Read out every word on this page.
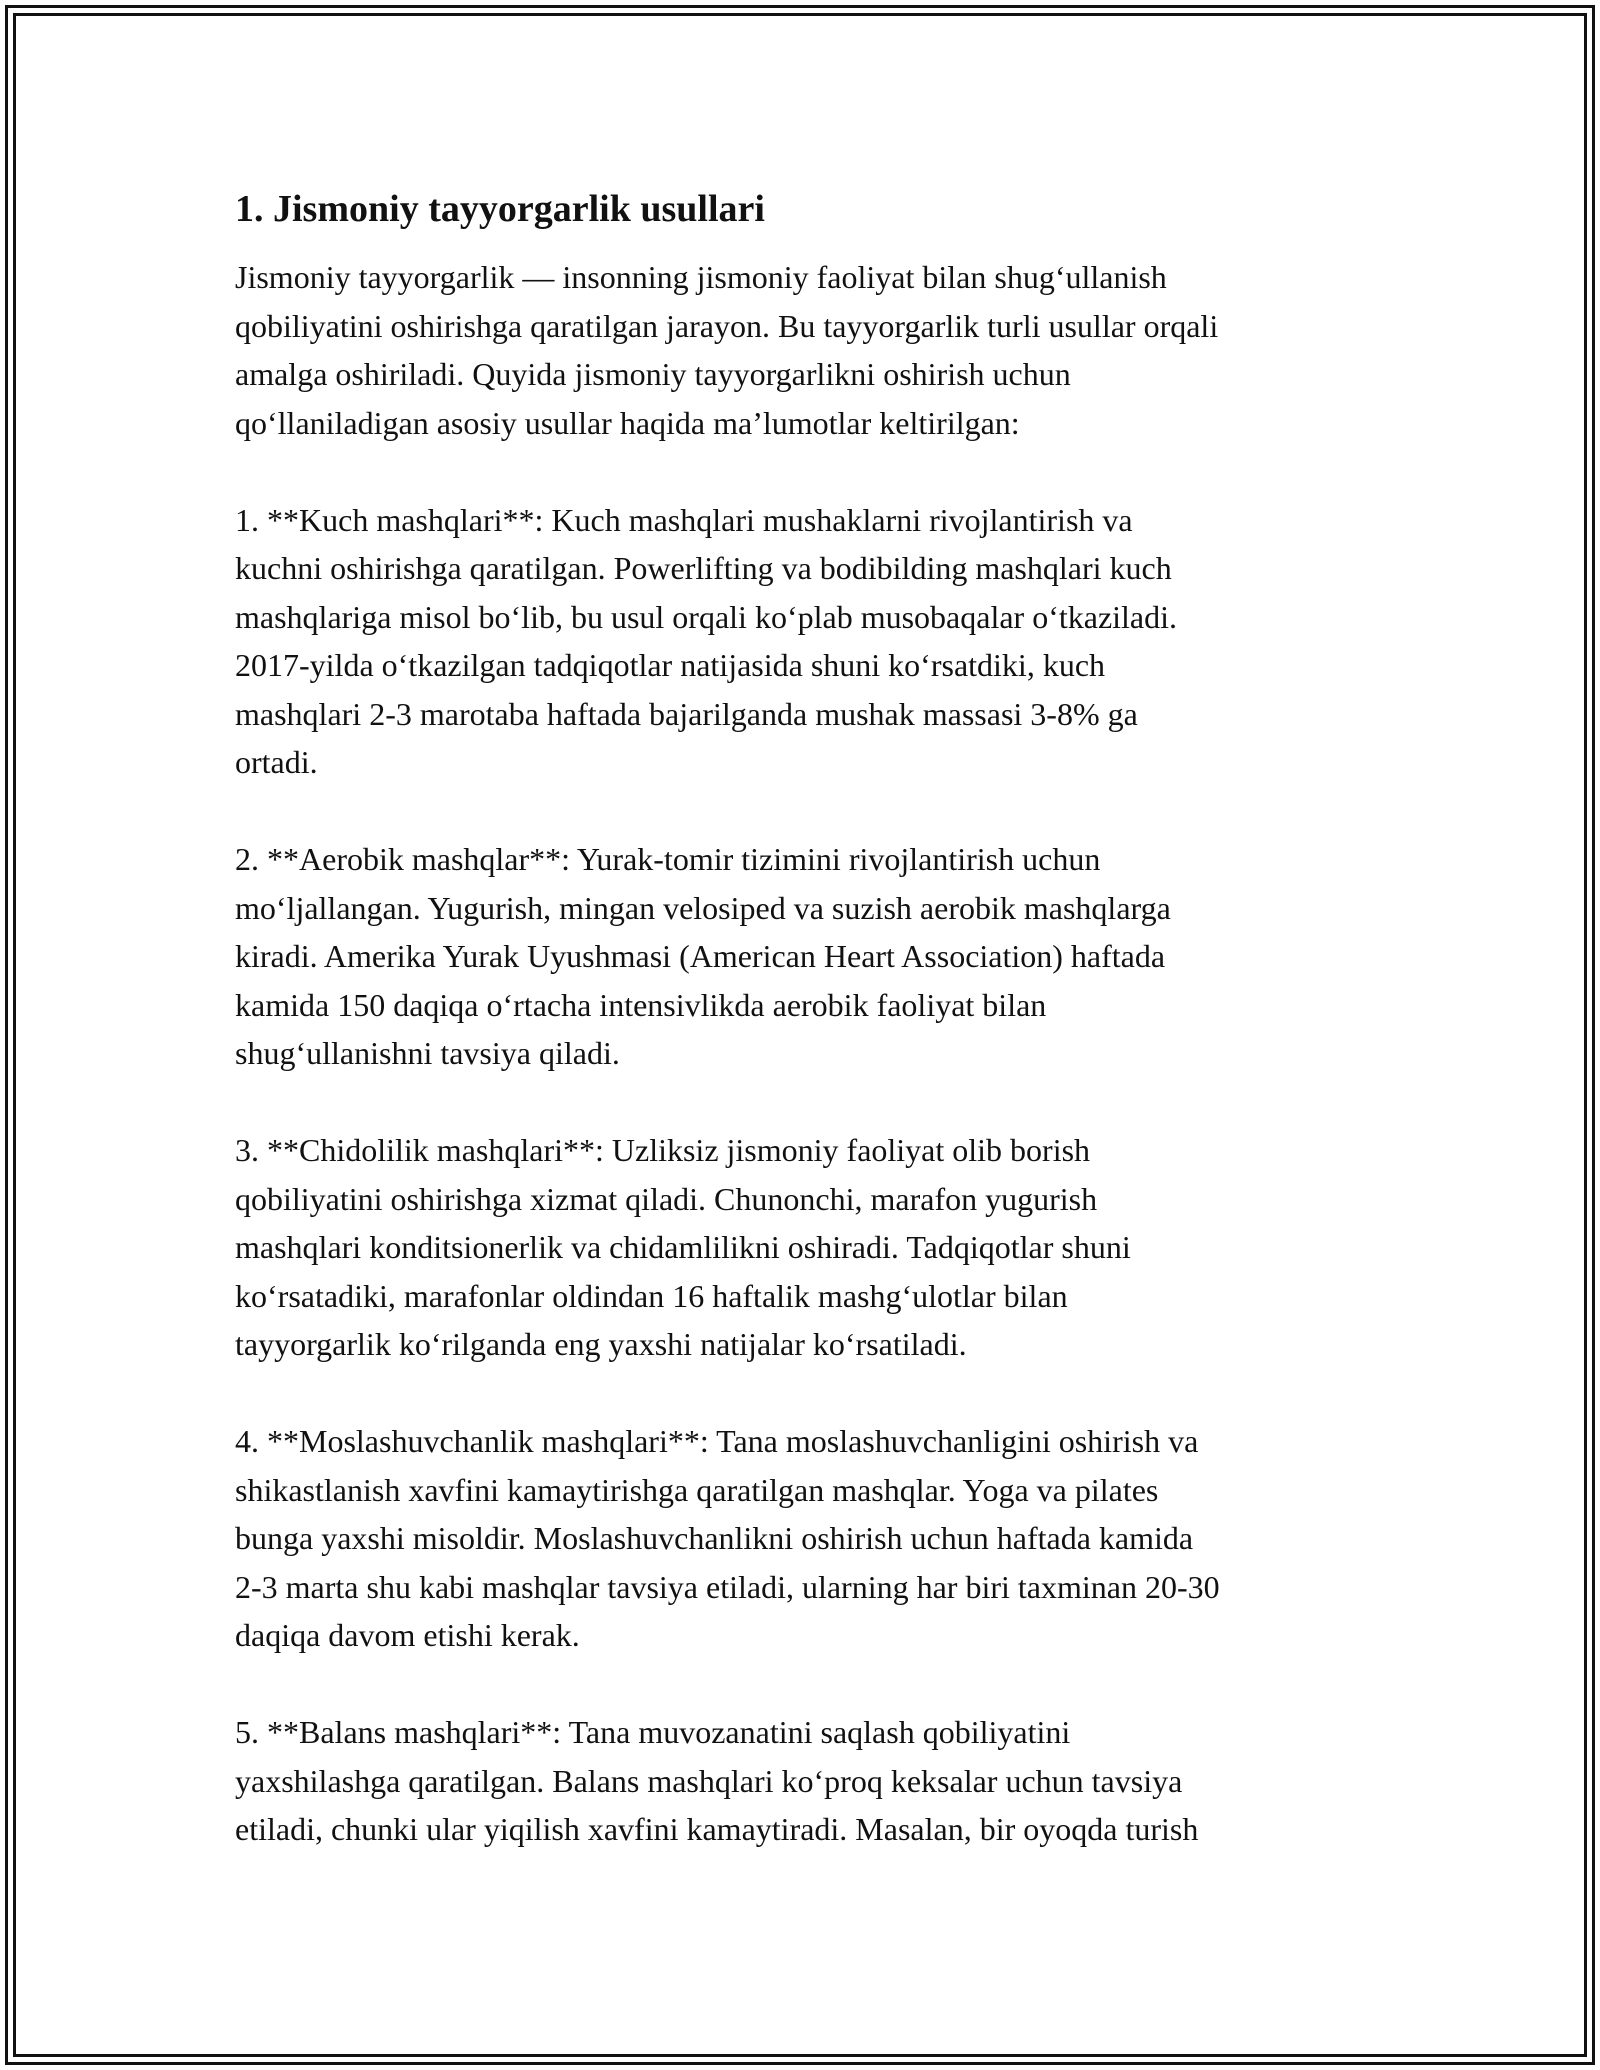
1. Jismoniy tayyorgarlik usullari
Jismoniy tayyorgarlik — insonning jismoniy faoliyat bilan shug‘ullanish
qobiliyatini oshirishga qaratilgan jarayon. Bu tayyorgarlik turli usullar orqali
amalga oshiriladi. Quyida jismoniy tayyorgarlikni oshirish uchun
qo‘llaniladigan asosiy usullar haqida ma’lumotlar keltirilgan:
1. **Kuch mashqlari**: Kuch mashqlari mushaklarni rivojlantirish va
kuchni oshirishga qaratilgan. Powerlifting va bodibilding mashqlari kuch
mashqlariga misol bo‘lib, bu usul orqali ko‘plab musobaqalar o‘tkaziladi.
2017-yilda o‘tkazilgan tadqiqotlar natijasida shuni ko‘rsatdiki, kuch
mashqlari 2-3 marotaba haftada bajarilganda mushak massasi 3-8% ga
ortadi.
2. **Aerobik mashqlar**: Yurak-tomir tizimini rivojlantirish uchun
mo‘ljallangan. Yugurish, mingan velosiped va suzish aerobik mashqlarga
kiradi. Amerika Yurak Uyushmasi (American Heart Association) haftada
kamida 150 daqiqa o‘rtacha intensivlikda aerobik faoliyat bilan
shug‘ullanishni tavsiya qiladi.
3. **Chidolilik mashqlari**: Uzliksiz jismoniy faoliyat olib borish
qobiliyatini oshirishga xizmat qiladi. Chunonchi, marafon yugurish
mashqlari konditsionerlik va chidamlilikni oshiradi. Tadqiqotlar shuni
ko‘rsatadiki, marafonlar oldindan 16 haftalik mashg‘ulotlar bilan
tayyorgarlik ko‘rilganda eng yaxshi natijalar ko‘rsatiladi.
4. **Moslashuvchanlik mashqlari**: Tana moslashuvchanligini oshirish va
shikastlanish xavfini kamaytirishga qaratilgan mashqlar. Yoga va pilates
bunga yaxshi misoldir. Moslashuvchanlikni oshirish uchun haftada kamida
2-3 marta shu kabi mashqlar tavsiya etiladi, ularning har biri taxminan 20-30
daqiqa davom etishi kerak.
5. **Balans mashqlari**: Tana muvozanatini saqlash qobiliyatini
yaxshilashga qaratilgan. Balans mashqlari ko‘proq keksalar uchun tavsiya
etiladi, chunki ular yiqilish xavfini kamaytiradi. Masalan, bir oyoqda turish
